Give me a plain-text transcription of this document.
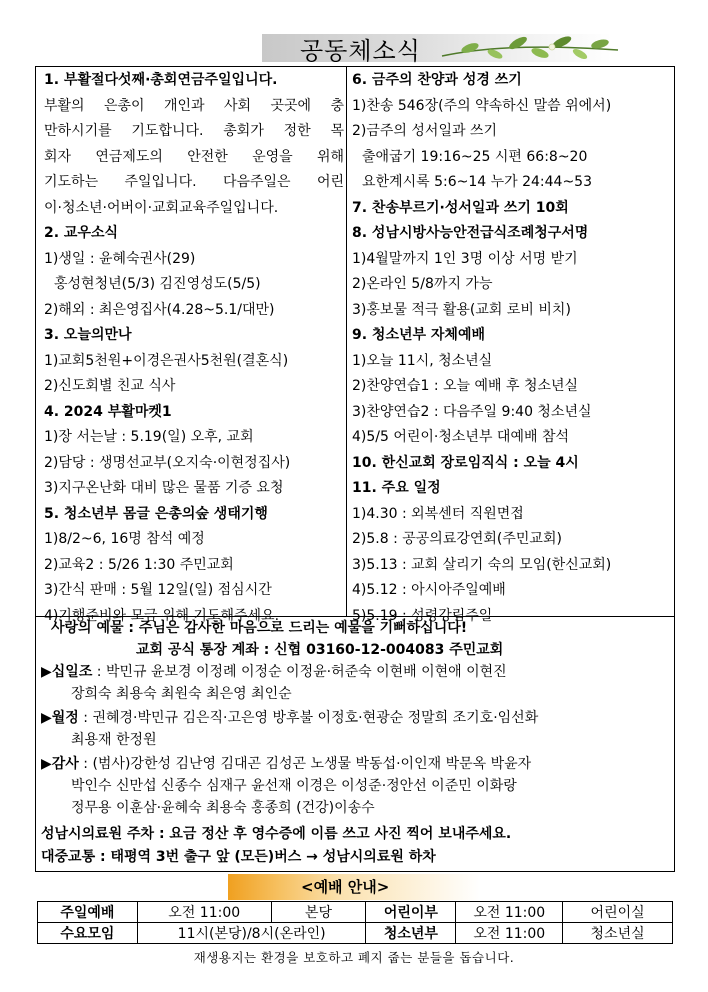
공동체소식
1. 부활절다섯째·총회연금주일입니다.
부활의 은총이 개인과 사회 곳곳에 충
만하시기를 기도합니다. 총회가 정한 목
회자 연금제도의 안전한 운영을 위해
기도하는 주일입니다. 다음주일은 어린
이·청소년·어버이·교회교육주일입니다.
2. 교우소식
1)생일 : 윤혜숙권사(29)
홍성현청년(5/3) 김진영성도(5/5)
2)해외 : 최은영집사(4.28~5.1/대만)
3. 오늘의만나
1)교회5천원+이경은권사5천원(결혼식)
2)신도회별 친교 식사
4. 2024 부활마켓1
1)장 서는날 : 5.19(일) 오후, 교회
2)담당 : 생명선교부(오지숙·이현정집사)
3)지구온난화 대비 많은 물품 기증 요청
5. 청소년부 몸글 은총의숲 생태기행
1)8/2~6, 16명 참석 예정
2)교육2 : 5/26 1:30 주민교회
3)간식 판매 : 5월 12일(일) 점심시간
4)기행준비와 모금 위해 기도해주세요.
6. 금주의 찬양과 성경 쓰기
1)찬송 546장(주의 약속하신 말씀 위에서)
2)금주의 성서일과 쓰기
출애굽기 19:16~25 시편 66:8~20
요한계시록 5:6~14 누가 24:44~53
7. 찬송부르기·성서일과 쓰기 10회
8. 성남시방사능안전급식조례청구서명
1)4월말까지 1인 3명 이상 서명 받기
2)온라인 5/8까지 가능
3)홍보물 적극 활용(교회 로비 비치)
9. 청소년부 자체예배
1)오늘 11시, 청소년실
2)찬양연습1 : 오늘 예배 후 청소년실
3)찬양연습2 : 다음주일 9:40 청소년실
4)5/5 어린이·청소년부 대예배 참석
10. 한신교회 장로임직식 : 오늘 4시
11. 주요 일정
1)4.30 : 외복센터 직원면접
2)5.8 : 공공의료강연회(주민교회)
3)5.13 : 교회 살리기 숙의 모임(한신교회)
4)5.12 : 아시아주일예배
5)5.19 : 성령강림주일
사랑의 예물 : 주님은 감사한 마음으로 드리는 예물을 기뻐하십니다!
교회 공식 통장 계좌 : 신협 03160-12-004083 주민교회
▶십일조 : 박민규 윤보경 이정례 이정순 이정윤·허준숙 이현배 이현애 이현진
장희숙 최용숙 최원숙 최은영 최인순
▶월정 : 권혜경·박민규 김은직·고은영 방후불 이정호·현광순 정말희 조기호·임선화
최용재 한정원
▶감사 : (범사)강한성 김난영 김대곤 김성곤 노생물 박동섭·이인재 박문옥 박윤자
박인수 신만섭 신종수 심재구 윤선재 이경은 이성준·정안선 이준민 이화랑
정무용 이훈삼·윤혜숙 최용숙 홍종희 (건강)이송수
성남시의료원 주차 : 요금 정산 후 영수증에 이름 쓰고 사진 찍어 보내주세요.
대중교통 : 태평역 3번 출구 앞 (모든)버스 → 성남시의료원 하차
<예배 안내>
주일예배	오전 11:00	본당	어린이부	오전 11:00	어린이실
수요모임	11시(본당)/8시(온라인)		청소년부	오전 11:00	청소년실
재생용지는 환경을 보호하고 폐지 줍는 분들을 돕습니다.
